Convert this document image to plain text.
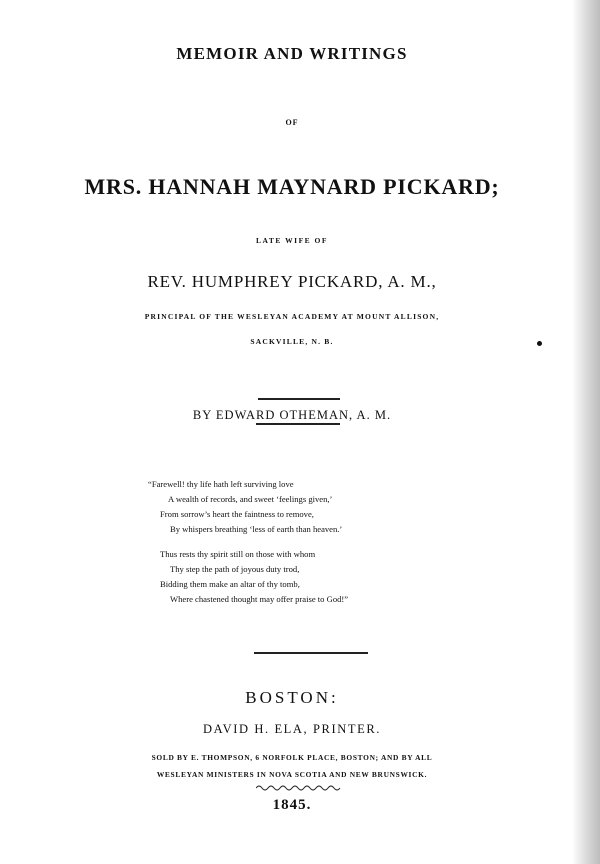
MEMOIR AND WRITINGS
OF
MRS. HANNAH MAYNARD PICKARD;
LATE WIFE OF
REV. HUMPHREY PICKARD, A. M.,
PRINCIPAL OF THE WESLEYAN ACADEMY AT MOUNT ALLISON,
SACKVILLE, N. B.
BY EDWARD OTHEMAN, A. M.
“Farewell! thy life hath left surviving love
A wealth of records, and sweet ‘feelings given,’
From sorrow’s heart the faintness to remove,
By whispers breathing ‘less of earth than heaven.’
Thus rests thy spirit still on those with whom
Thy step the path of joyous duty trod,
Bidding them make an altar of thy tomb,
Where chastened thought may offer praise to God!”
BOSTON:
DAVID H. ELA, PRINTER.
SOLD BY E. THOMPSON, 6 NORFOLK PLACE, BOSTON; AND BY ALL
WESLEYAN MINISTERS IN NOVA SCOTIA AND NEW BRUNSWICK.
1845.
